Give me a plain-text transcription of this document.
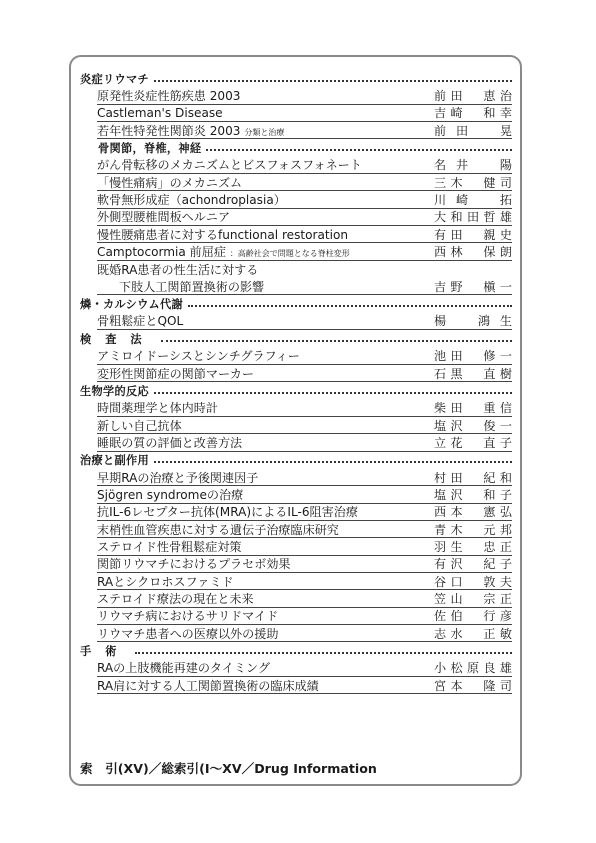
炎症リウマチ
原発性炎症性筋疾患 2003	前田　恵治
Castleman's Disease	吉崎　和幸
若年性特発性関節炎 2003 分類と治療	前田　晃
骨関節，脊椎，神経
がん骨転移のメカニズムとビスフォスフォネート	名井　陽
「慢性痛病」のメカニズム	三木　健司
軟骨無形成症（achondroplasia）	川崎　拓
外側型腰椎間板ヘルニア	大和田哲雄
慢性腰痛患者に対するfunctional restoration	有田　親史
Camptocormia 前屈症 ：高齢社会で問題となる脊柱変形	西林　保朗
既婚RA患者の性生活に対する
下肢人工関節置換術の影響	吉野　槇一
燐・カルシウム代謝
骨粗鬆症とQOL	楊　鴻生
検査法
アミロイドーシスとシンチグラフィー	池田　修一
変形性関節症の関節マーカー	石黒　直樹
生物学的反応
時間薬理学と体内時計	柴田　重信
新しい自己抗体	塩沢　俊一
睡眠の質の評価と改善方法	立花　直子
治療と副作用
早期RAの治療と予後関連因子	村田　紀和
Sjögren syndromeの治療	塩沢　和子
抗IL-6レセプター抗体(MRA)によるIL-6阻害治療	西本　憲弘
末梢性血管疾患に対する遺伝子治療臨床研究	青木　元邦
ステロイド性骨粗鬆症対策	羽生　忠正
関節リウマチにおけるプラセボ効果	有沢　紀子
RAとシクロホスファミド	谷口　敦夫
ステロイド療法の現在と未来	笠山　宗正
リウマチ病におけるサリドマイド	佐伯　行彦
リウマチ患者への医療以外の援助	志水　正敏
手術
RAの上肢機能再建のタイミング	小松原良雄
RA肩に対する人工関節置換術の臨床成績	宮本　隆司
索　引(XV)／総索引(I〜XV／Drug Information
